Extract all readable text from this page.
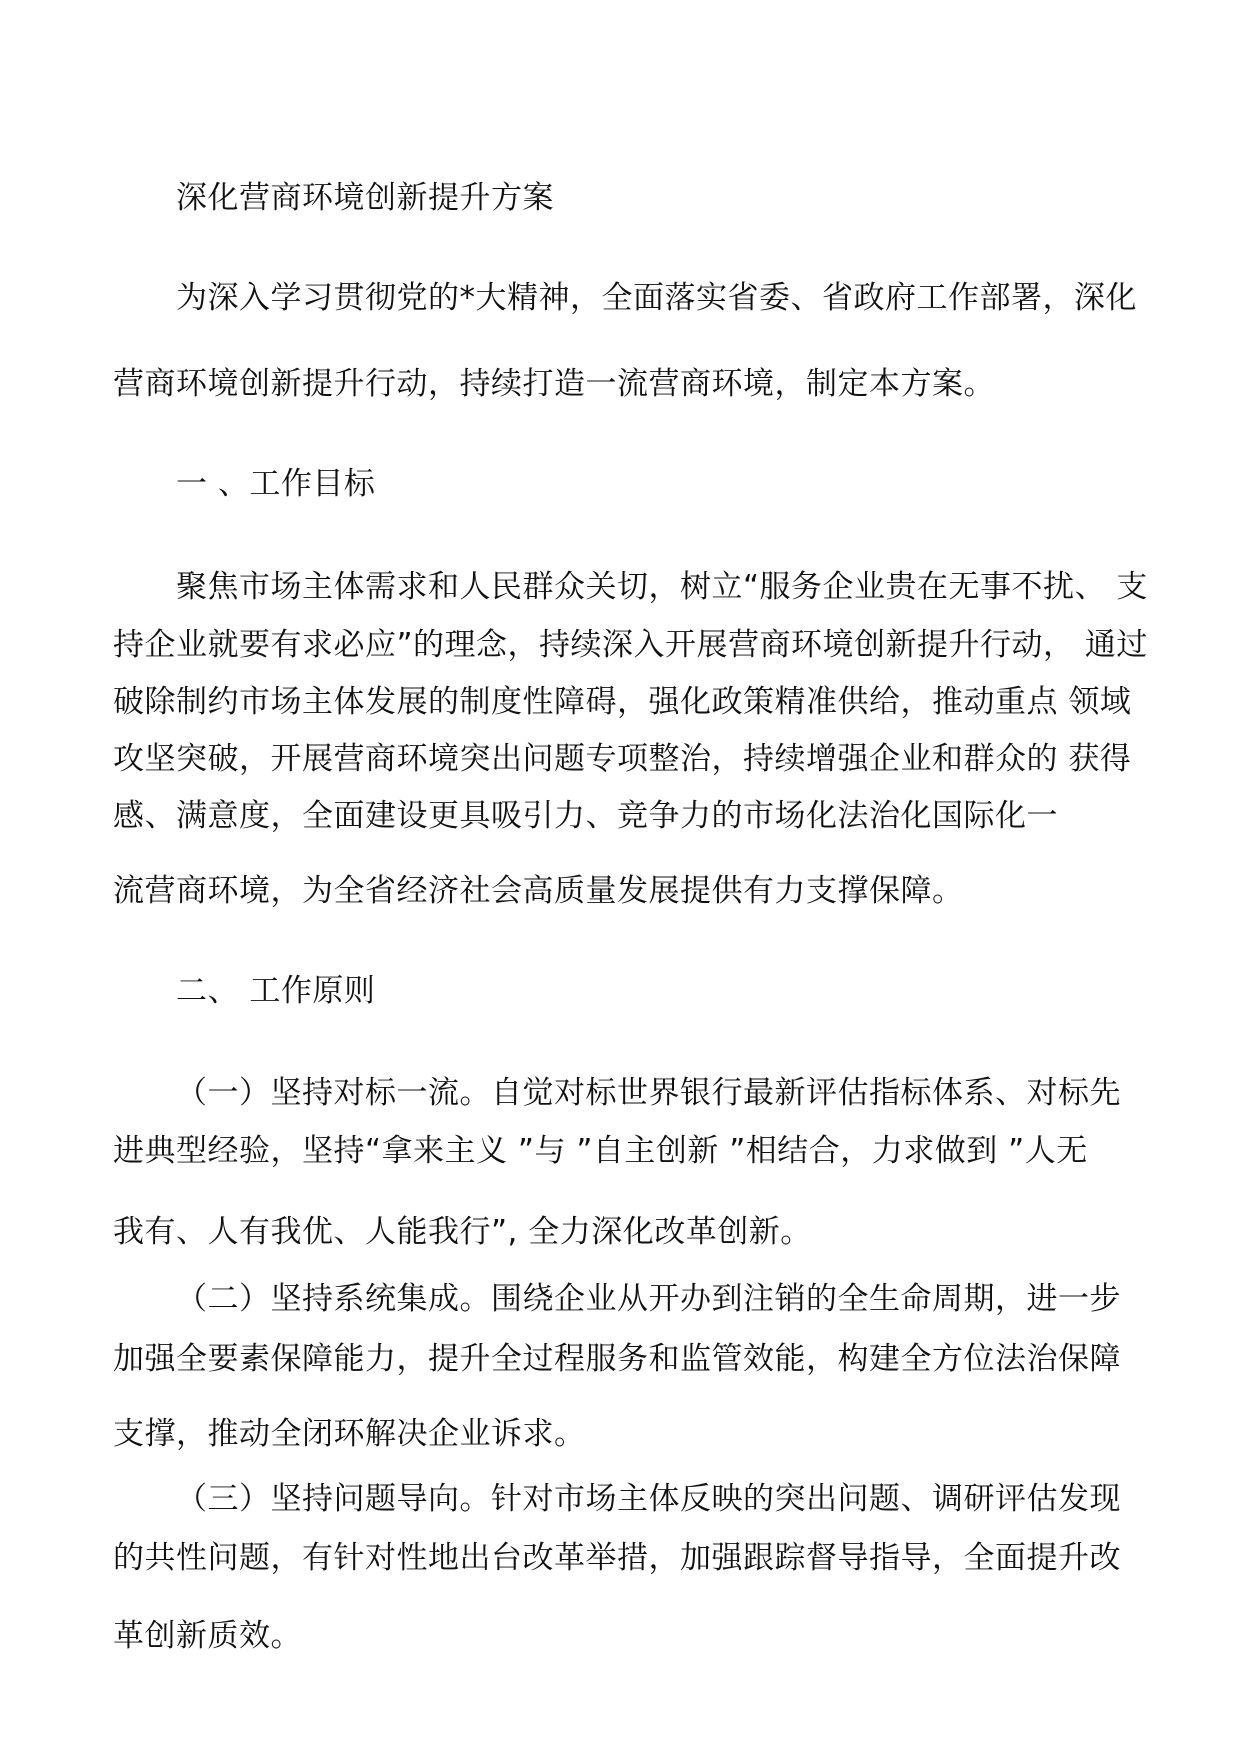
深化营商环境创新提升方案
为深入学习贯彻党的*大精神，全面落实省委、省政府工作部署，深化
营商环境创新提升行动，持续打造一流营商环境，制定本方案。
一 、工作目标
聚焦市场主体需求和人民群众关切，树立“服务企业贵在无事不扰、 支
持企业就要有求必应”的理念，持续深入开展营商环境创新提升行动， 通过
破除制约市场主体发展的制度性障碍，强化政策精准供给，推动重点 领域
攻坚突破，开展营商环境突出问题专项整治，持续增强企业和群众的 获得
感、满意度，全面建设更具吸引力、竞争力的市场化法治化国际化一
流营商环境，为全省经济社会高质量发展提供有力支撑保障。
二、 工作原则
（一）坚持对标一流。自觉对标世界银行最新评估指标体系、对标先
进典型经验，坚持“拿来主义 ”与 ”自主创新 ”相结合，力求做到 ”人无
我有、人有我优、人能我行”, 全力深化改革创新。
（二）坚持系统集成。围绕企业从开办到注销的全生命周期，进一步
加强全要素保障能力，提升全过程服务和监管效能，构建全方位法治保障
支撑，推动全闭环解决企业诉求。
（三）坚持问题导向。针对市场主体反映的突出问题、调研评估发现
的共性问题，有针对性地出台改革举措，加强跟踪督导指导，全面提升改
革创新质效。
